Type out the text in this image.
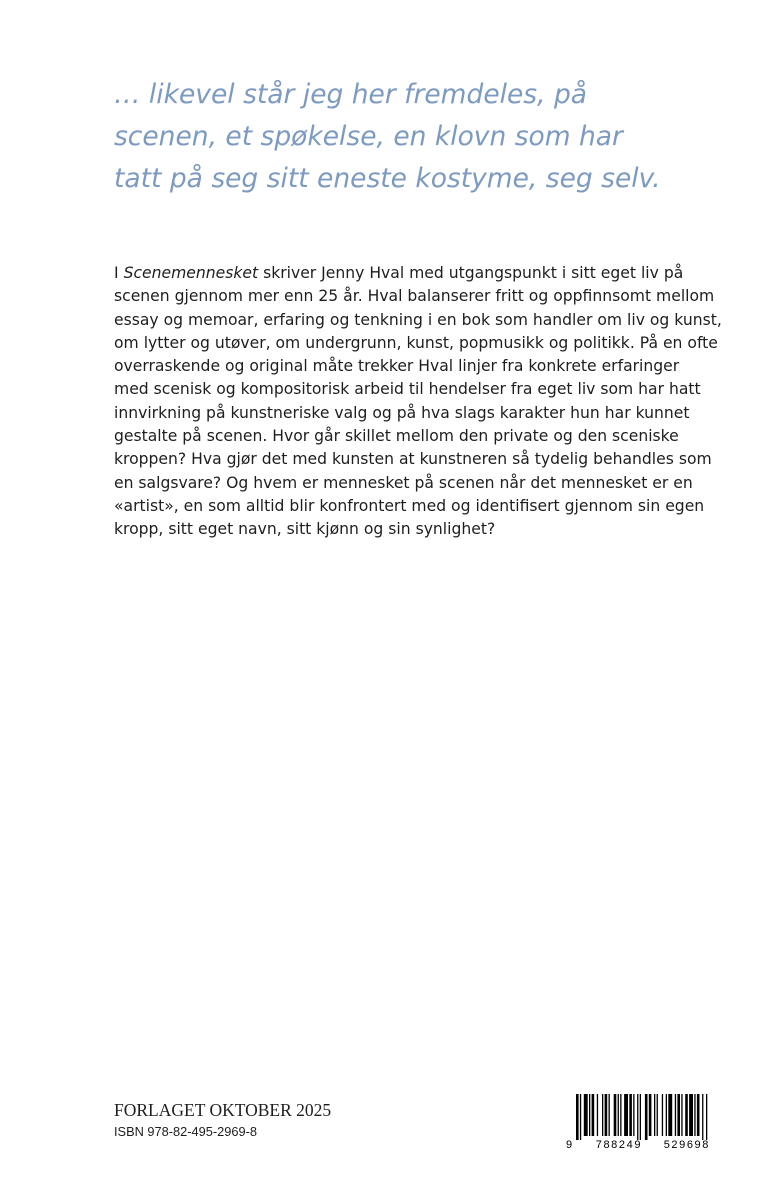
… likevel står jeg her fremdeles, på
scenen, et spøkelse, en klovn som har
tatt på seg sitt eneste kostyme, seg selv.
I Scenemennesket skriver Jenny Hval med utgangspunkt i sitt eget liv på
scenen gjennom mer enn 25 år. Hval balanserer fritt og oppfinnsomt mellom
essay og memoar, erfaring og tenkning i en bok som handler om liv og kunst,
om lytter og utøver, om undergrunn, kunst, popmusikk og politikk. På en ofte
overraskende og original måte trekker Hval linjer fra konkrete erfaringer
med scenisk og kompositorisk arbeid til hendelser fra eget liv som har hatt
innvirkning på kunstneriske valg og på hva slags karakter hun har kunnet
gestalte på scenen. Hvor går skillet mellom den private og den sceniske
kroppen? Hva gjør det med kunsten at kunstneren så tydelig behandles som
en salgsvare? Og hvem er mennesket på scenen når det mennesket er en
«artist», en som alltid blir konfrontert med og identifisert gjennom sin egen
kropp, sitt eget navn, sitt kjønn og sin synlighet?

FORLAGET OKTOBER 2025

ISBN 978-82-495-2969-8

9 788249 529698
